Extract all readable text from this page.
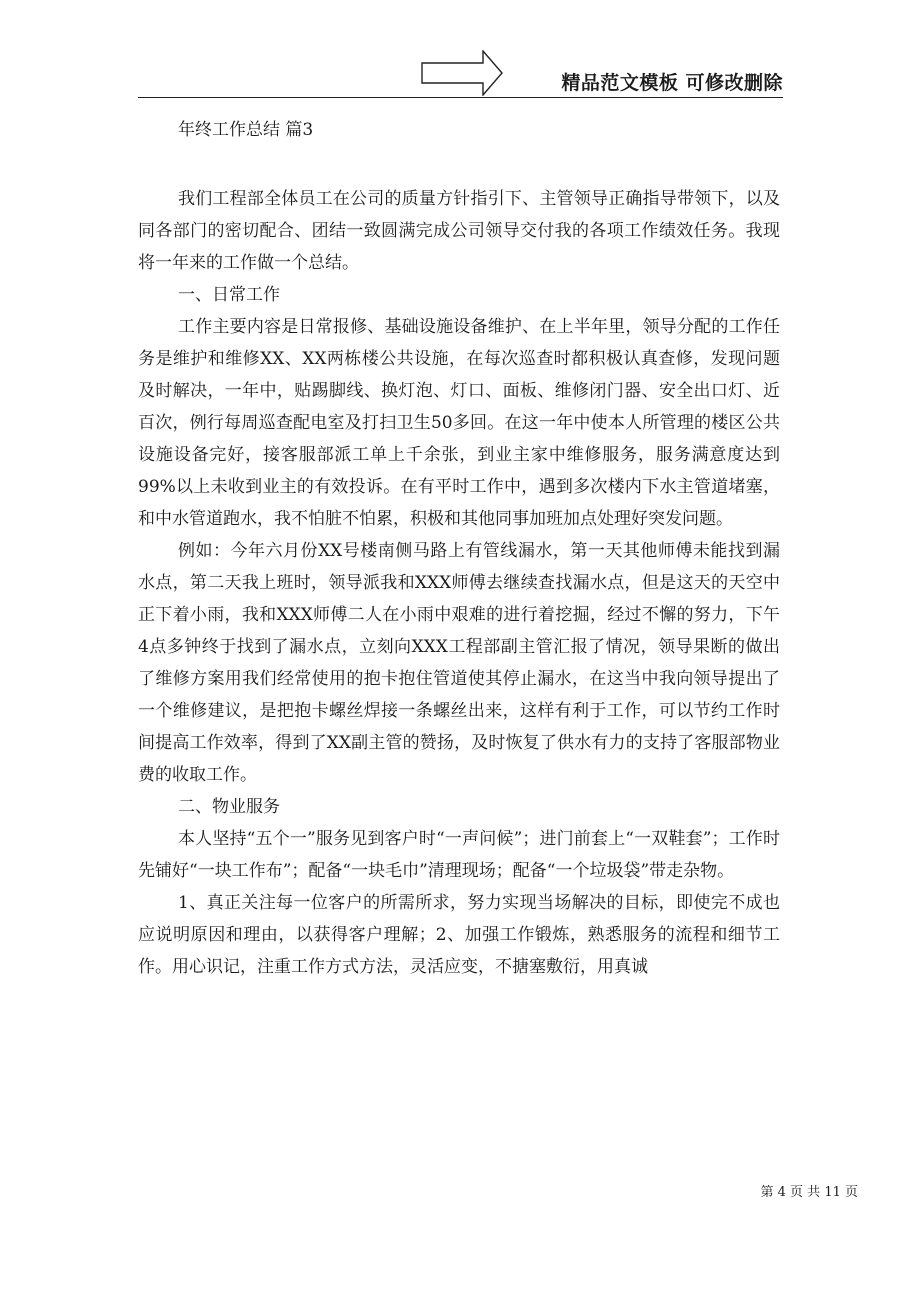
精品范文模板 可修改删除
年终工作总结 篇3

我们工程部全体员工在公司的质量方针指引下、主管领导正确指导带领下，以及同各部门的密切配合、团结一致圆满完成公司领导交付我的各项工作绩效任务。我现将一年来的工作做一个总结。

一、日常工作

工作主要内容是日常报修、基础设施设备维护、在上半年里，领导分配的工作任务是维护和维修XX、XX两栋楼公共设施，在每次巡查时都积极认真查修，发现问题及时解决，一年中，贴踢脚线、换灯泡、灯口、面板、维修闭门器、安全出口灯、近百次，例行每周巡查配电室及打扫卫生50多回。在这一年中使本人所管理的楼区公共设施设备完好，接客服部派工单上千余张，到业主家中维修服务，服务满意度达到99%以上未收到业主的有效投诉。在有平时工作中，遇到多次楼内下水主管道堵塞，和中水管道跑水，我不怕脏不怕累，积极和其他同事加班加点处理好突发问题。

例如：今年六月份XX号楼南侧马路上有管线漏水，第一天其他师傅未能找到漏水点，第二天我上班时，领导派我和XXX师傅去继续查找漏水点，但是这天的天空中正下着小雨，我和XXX师傅二人在小雨中艰难的进行着挖掘，经过不懈的努力，下午4点多钟终于找到了漏水点，立刻向XXX工程部副主管汇报了情况，领导果断的做出了维修方案用我们经常使用的抱卡抱住管道使其停止漏水，在这当中我向领导提出了一个维修建议，是把抱卡螺丝焊接一条螺丝出来，这样有利于工作，可以节约工作时间提高工作效率，得到了XX副主管的赞扬，及时恢复了供水有力的支持了客服部物业费的收取工作。

二、物业服务

本人坚持“五个一”服务见到客户时“一声问候”；进门前套上“一双鞋套”；工作时先铺好“一块工作布”；配备“一块毛巾”清理现场；配备“一个垃圾袋”带走杂物。

1、真正关注每一位客户的所需所求，努力实现当场解决的目标，即使完不成也应说明原因和理由，以获得客户理解；2、加强工作锻炼，熟悉服务的流程和细节工作。用心识记，注重工作方式方法，灵活应变，不搪塞敷衍，用真诚

第 4 页 共 11 页
